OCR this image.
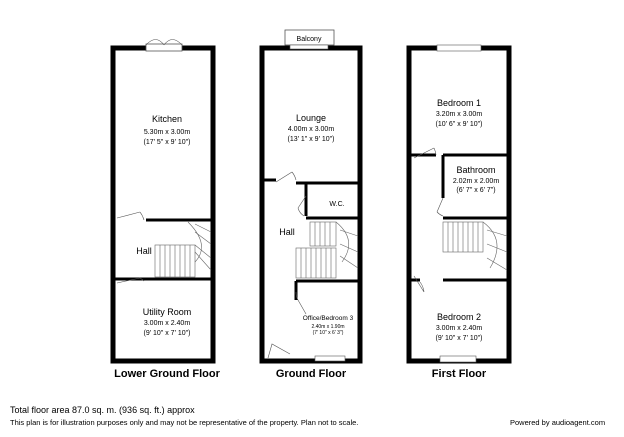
Kitchen
5.30m x 3.00m
(17' 5" x 9' 10")
Hall
Utility Room
3.00m x 2.40m
(9' 10" x 7' 10")
Lower Ground Floor
Balcony
Lounge
4.00m x 3.00m
(13' 1" x 9' 10")
W.C.
Hall
Office/Bedroom 3
2.40m x 1.90m
(7' 10" x 6' 3")
Ground Floor
Bedroom 1
3.20m x 3.00m
(10' 6" x 9' 10")
Bathroom
2.02m x 2.00m
(6' 7" x 6' 7")
Bedroom 2
3.00m x 2.40m
(9' 10" x 7' 10")
First Floor
Total floor area 87.0 sq. m. (936 sq. ft.) approx
This plan is for illustration purposes only and may not be representative of the property. Plan not to scale.	Powered by audioagent.com
